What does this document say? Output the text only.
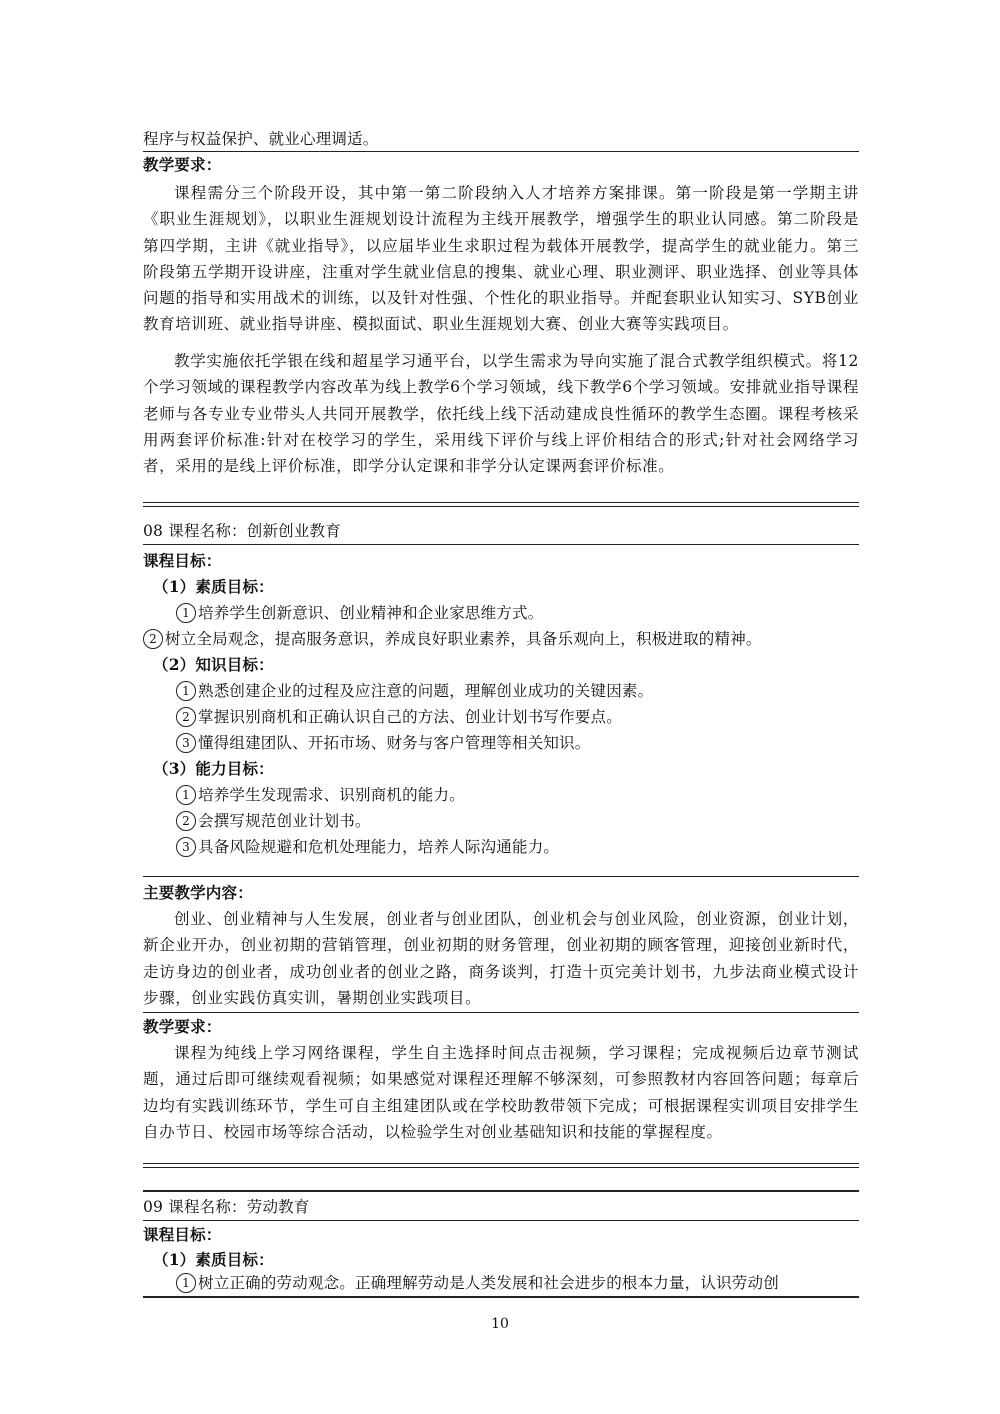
程序与权益保护、就业心理调适。
教学要求：

课程需分三个阶段开设，其中第一第二阶段纳入人才培养方案排课。第一阶段是第一学期主讲《职业生涯规划》，以职业生涯规划设计流程为主线开展教学，增强学生的职业认同感。第二阶段是第四学期，主讲《就业指导》，以应届毕业生求职过程为载体开展教学，提高学生的就业能力。第三阶段第五学期开设讲座，注重对学生就业信息的搜集、就业心理、职业测评、职业选择、创业等具体问题的指导和实用战术的训练，以及针对性强、个性化的职业指导。并配套职业认知实习、SYB创业教育培训班、就业指导讲座、模拟面试、职业生涯规划大赛、创业大赛等实践项目。

教学实施依托学银在线和超星学习通平台，以学生需求为导向实施了混合式教学组织模式。将12个学习领域的课程教学内容改革为线上教学6个学习领域，线下教学6个学习领域。安排就业指导课程老师与各专业专业带头人共同开展教学，依托线上线下活动建成良性循环的教学生态圈。课程考核采用两套评价标准:针对在校学习的学生，采用线下评价与线上评价相结合的形式;针对社会网络学习者，采用的是线上评价标准，即学分认定课和非学分认定课两套评价标准。

08 课程名称：创新创业教育
课程目标：
（1）素质目标：
1 培养学生创新意识、创业精神和企业家思维方式。
2 树立全局观念，提高服务意识，养成良好职业素养，具备乐观向上，积极进取的精神。
（2）知识目标：
1 熟悉创建企业的过程及应注意的问题，理解创业成功的关键因素。
2 掌握识别商机和正确认识自己的方法、创业计划书写作要点。
3 懂得组建团队、开拓市场、财务与客户管理等相关知识。
（3）能力目标：
1 培养学生发现需求、识别商机的能力。
2 会撰写规范创业计划书。
3 具备风险规避和危机处理能力，培养人际沟通能力。
主要教学内容：

创业、创业精神与人生发展，创业者与创业团队，创业机会与创业风险，创业资源，创业计划，新企业开办，创业初期的营销管理，创业初期的财务管理，创业初期的顾客管理，迎接创业新时代，走访身边的创业者，成功创业者的创业之路，商务谈判，打造十页完美计划书，九步法商业模式设计步骤，创业实践仿真实训，暑期创业实践项目。

教学要求：

课程为纯线上学习网络课程，学生自主选择时间点击视频，学习课程；完成视频后边章节测试题，通过后即可继续观看视频；如果感觉对课程还理解不够深刻，可参照教材内容回答问题；每章后边均有实践训练环节，学生可自主组建团队或在学校助教带领下完成；可根据课程实训项目安排学生自办节日、校园市场等综合活动，以检验学生对创业基础知识和技能的掌握程度。

09 课程名称：劳动教育
课程目标：
（1）素质目标：
1 树立正确的劳动观念。正确理解劳动是人类发展和社会进步的根本力量，认识劳动创
10
